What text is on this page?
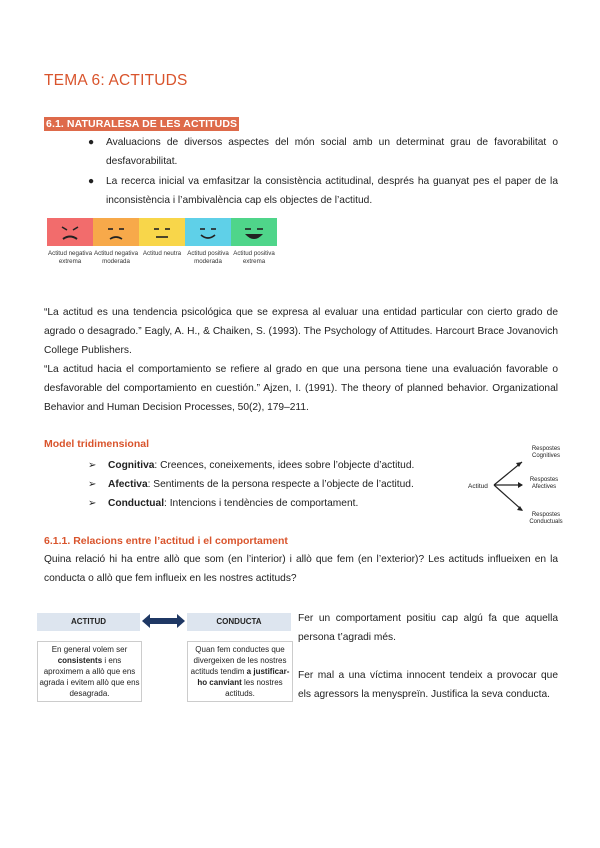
TEMA 6: ACTITUDS
6.1. NATURALESA DE LES ACTITUDS
● Avaluacions de diversos aspectes del món social amb un determinat grau de favorabilitat o desfavorabilitat.
● La recerca inicial va emfasitzar la consistència actitudinal, després ha guanyat pes el paper de la inconsistència i l’ambivalència cap els objectes de l’actitud.
Actitud negativa extrema
Actitud negativa moderada
Actitud neutra Actitud positiva moderada
Actitud positiva extrema
“La actitud es una tendencia psicológica que se expresa al evaluar una entidad particular con cierto grado de agrado o desagrado.” Eagly, A. H., & Chaiken, S. (1993). The Psychology of Attitudes. Harcourt Brace Jovanovich College Publishers.
“La actitud hacia el comportamiento se refiere al grado en que una persona tiene una evaluación favorable o desfavorable del comportamiento en cuestión.” Ajzen, I. (1991). The theory of planned behavior. Organizational Behavior and Human Decision Processes, 50(2), 179–211.
Model tridimensional
➢ Cognitiva: Creences, coneixements, idees sobre l’objecte d’actitud.
➢ Afectiva: Sentiments de la persona respecte a l’objecte de l’actitud.
➢ Conductual: Intencions i tendències de comportament.
Actitud
Respostes Cognitives
Respostes Afectives
Respostes Conductuals
6.1.1. Relacions entre l’actitud i el comportament
Quina relació hi ha entre allò que som (en l’interior) i allò que fem (en l’exterior)? Les actituds influeixen en la conducta o allò que fem influeix en les nostres actituds?
ACTITUD	CONDUCTA
En general volem ser consistents i ens aproximem a allò que ens agrada i evitem allò que ens desagrada.
Quan fem conductes que divergeixen de les nostres actituds tendim a justificar-ho canviant les nostres actituds.
Fer un comportament positiu cap algú fa que aquella persona t’agradi més.
Fer mal a una víctima innocent tendeix a provocar que els agressors la menyspreïn. Justifica la seva conducta.
